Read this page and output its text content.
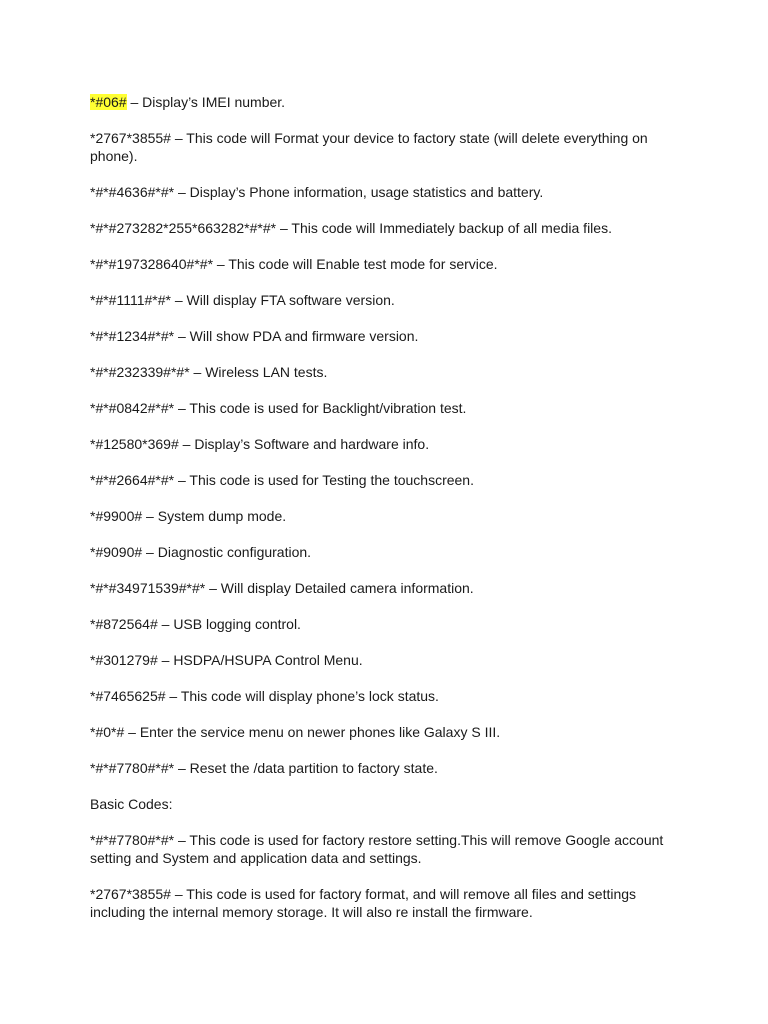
*#06# – Display’s IMEI number.

*2767*3855# – This code will Format your device to factory state (will delete everything on phone).

*#*#4636#*#* – Display’s Phone information, usage statistics and battery.

*#*#273282*255*663282*#*#* – This code will Immediately backup of all media files.

*#*#197328640#*#* – This code will Enable test mode for service.

*#*#1111#*#* – Will display FTA software version.

*#*#1234#*#* – Will show PDA and firmware version.

*#*#232339#*#* – Wireless LAN tests.

*#*#0842#*#* – This code is used for Backlight/vibration test.

*#12580*369# – Display’s Software and hardware info.

*#*#2664#*#* – This code is used for Testing the touchscreen.

*#9900# – System dump mode.

*#9090# – Diagnostic configuration.

*#*#34971539#*#* – Will display Detailed camera information.

*#872564# – USB logging control.

*#301279# – HSDPA/HSUPA Control Menu.

*#7465625# – This code will display phone’s lock status.

*#0*# – Enter the service menu on newer phones like Galaxy S III.

*#*#7780#*#* – Reset the /data partition to factory state.

Basic Codes:

*#*#7780#*#* – This code is used for factory restore setting.This will remove Google account setting and System and application data and settings.

*2767*3855# – This code is used for factory format, and will remove all files and settings including the internal memory storage. It will also re install the firmware.
